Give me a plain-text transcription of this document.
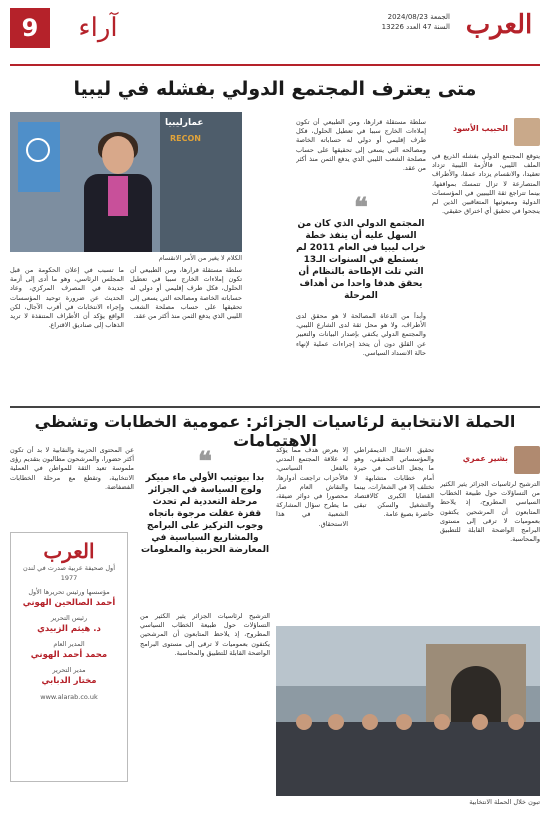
العرب
الجمعة 2024/08/23
السنة 47 العدد 13226
9	آراء
متى يعترف المجتمع الدولي بفشله في ليبيا
الحبيب الأسود

يتوقع المجتمع الدولي بفشله الذريع في الملف الليبي، فالأزمة الليبية تزداد تعقيدا، والانقسام يزداد عمقا، والأطراف المتصارعة لا تزال تتمسك بمواقفها، بينما تتراجع ثقة الليبيين في المؤسسات الدولية ومبعوثيها المتعاقبين الذين لم ينجحوا في تحقيق أي اختراق حقيقي.

سلطة مستقلة قرارها، ومن الطبيعي أن تكون إملاءات الخارج سببا في تعطيل الحلول، فكل طرف إقليمي أو دولي له حساباته الخاصة ومصالحه التي يسعى إلى تحقيقها على حساب مصلحة الشعب الليبي الذي يدفع الثمن منذ أكثر من عقد.

❝
المجتمع الدولي الذي كان من السهل عليه أن ينفذ خطة خراب ليبيا في العام 2011 لم يستطع في السنوات الـ13 التي تلت الإطاحة بالنظام أن يحقق هدفا واحدا من أهداف المرحلة

وأبداً من الدعاة المصالحة لا هو محقق لدى الأطراف، ولا هو محل ثقة لدى الشارع الليبي، والمجتمع الدولي يكتفي بإصدار البيانات والتعبير عن القلق دون أن يتخذ إجراءات عملية لإنهاء حالة الانسداد السياسي.

عمارليبيا
RECON
الكلام لا يغير من الأمر الانقسام

ما تسبب في إعلان الحكومة من قبل المجلس الرئاسي، وهو ما أدى إلى أزمة جديدة في المصرف المركزي، وعاد الحديث عن ضرورة توحيد المؤسسات وإجراء الانتخابات في أقرب الآجال، لكن الواقع يؤكد أن الأطراف المتنفذة لا تريد الذهاب إلى صناديق الاقتراع.

سلطة مستقلة قرارها، ومن الطبيعي أن تكون إملاءات الخارج سببا في تعطيل الحلول، فكل طرف إقليمي أو دولي له حساباته الخاصة ومصالحه التي يسعى إلى تحقيقها على حساب مصلحة الشعب الليبي الذي يدفع الثمن منذ أكثر من عقد.

الحملة الانتخابية لرئاسيات الجزائر: عمومية الخطابات وتشظي الاهتمامات
بشير عمري

الترشيح لرئاسيات الجزائر يثير الكثير من التساؤلات حول طبيعة الخطاب السياسي المطروح، إذ يلاحظ المتابعون أن المرشحين يكتفون بعموميات لا ترقى إلى مستوى البرامج الواضحة القابلة للتطبيق والمحاسبة.

تحقيق الانتقال الديمقراطي والمؤسساتي الحقيقي، وهو ما يجعل الناخب في حيرة أمام خطابات متشابهة لا تختلف إلا في الشعارات، بينما القضايا الكبرى كالاقتصاد والتشغيل والسكن تبقى حاضرة بصيغ عامة.

إلا بعرض هدف مما يؤكد له علاقة المجتمع المدني بالفعل السياسي، فالأحزاب تراجعت أدوارها، والنقاش العام صار محصورا في دوائر ضيقة، ما يطرح سؤال المشاركة الشعبية في هذا الاستحقاق.

❝
بدا بيوتيب الأولي ماء مبيكر ولوج السياسة في الجزائر مرحلة التعددية لم تحدث قفزة عقلت مرجوة باتجاه وجوب التركيز على البرامج والمشاريع السياسية في المعارضة الحزبية والمعلومات

عن المحتوى الحزبية والنقابية لا بد أن تكون أكثر حضورا، والمرشحون مطالبون بتقديم رؤى ملموسة تعيد الثقة للمواطن في العملية الانتخابية، وتقطع مع مرحلة الخطابات الفضفاضة.

الترشيح لرئاسيات الجزائر يثير الكثير من التساؤلات حول طبيعة الخطاب السياسي المطروح، إذ يلاحظ المتابعون أن المرشحين يكتفون بعموميات لا ترقى إلى مستوى البرامج الواضحة القابلة للتطبيق والمحاسبة.

تبون خلال الحملة الانتخابية
العرب
أول صحيفة عربية صدرت في لندن
1977
مؤسسها ورئيس تحريرها الأول
أحمد الصالحين الهوني
رئيس التحرير
د. هيثم الزبيدي
المدير العام
محمد أحمد الهوني
مدير التحرير
مختار الدبابي
www.alarab.co.uk
